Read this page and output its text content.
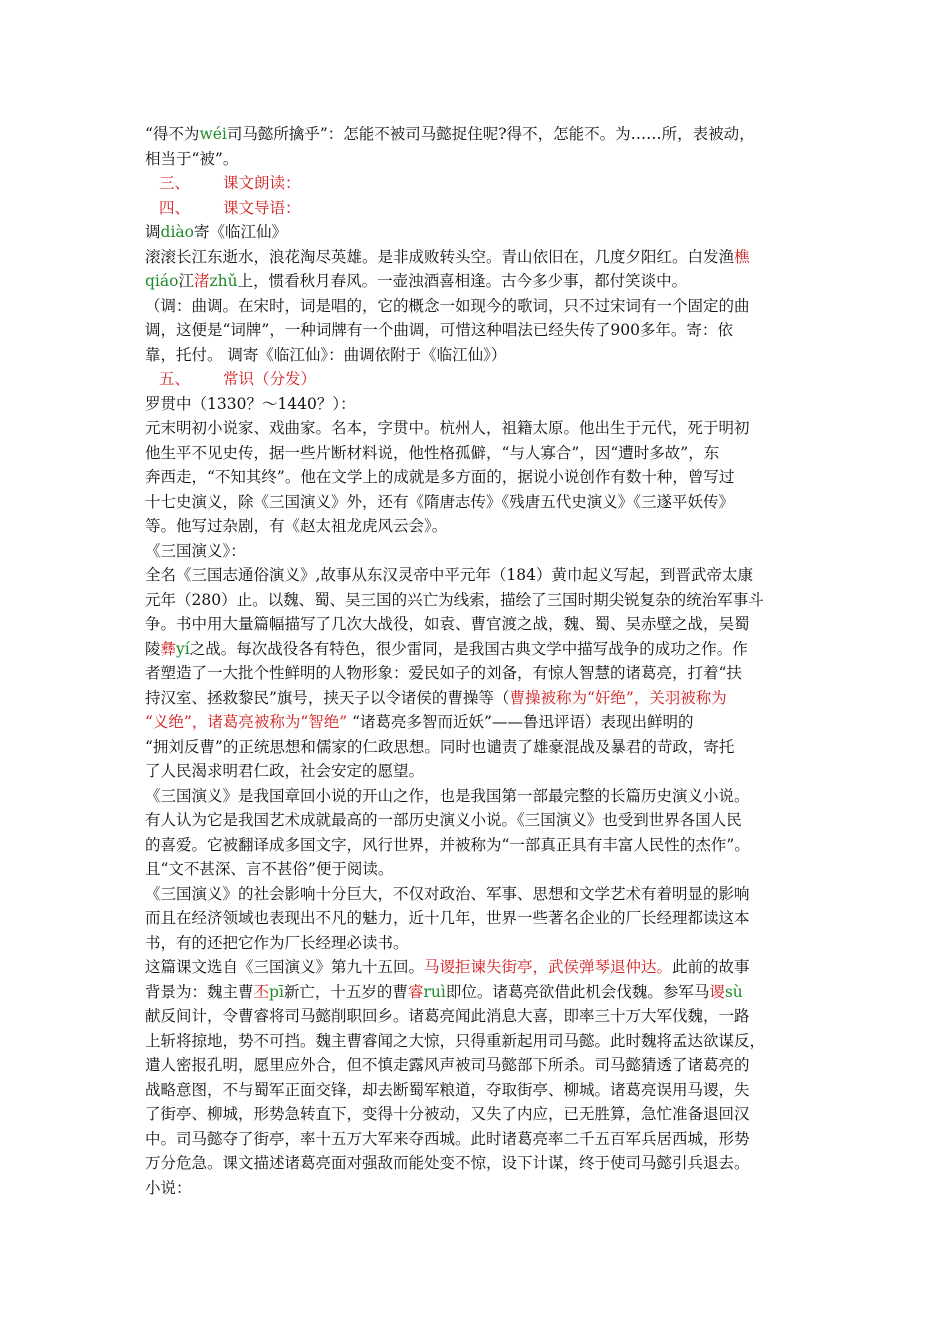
“得不为wéi司马懿所擒乎”：怎能不被司马懿捉住呢?得不，怎能不。为……所，表被动，
相当于“被”。
三、 课文朗读：
四、 课文导语：
调diào寄《临江仙》
滚滚长江东逝水，浪花淘尽英雄。是非成败转头空。青山依旧在，几度夕阳红。白发渔樵
qiáo江渚zhǔ上，惯看秋月春风。一壶浊酒喜相逢。古今多少事，都付笑谈中。
（调：曲调。在宋时，词是唱的，它的概念一如现今的歌词，只不过宋词有一个固定的曲
调，这便是“词牌”，一种词牌有一个曲调，可惜这种唱法已经失传了900多年。寄：依
靠，托付。 调寄《临江仙》：曲调依附于《临江仙》）
五、 常识（分发）
罗贯中（1330？～1440？）：
元末明初小说家、戏曲家。名本，字贯中。杭州人，祖籍太原。他出生于元代，死于明初
他生平不见史传，据一些片断材料说，他性格孤僻，“与人寡合”，因“遭时多故”，东
奔西走，“不知其终”。他在文学上的成就是多方面的，据说小说创作有数十种，曾写过
十七史演义，除《三国演义》外，还有《隋唐志传》《残唐五代史演义》《三遂平妖传》
等。他写过杂剧，有《赵太祖龙虎风云会》。
《三国演义》：
全名《三国志通俗演义》,故事从东汉灵帝中平元年（184）黄巾起义写起，到晋武帝太康
元年（280）止。以魏、蜀、吴三国的兴亡为线索，描绘了三国时期尖锐复杂的统治军事斗
争。书中用大量篇幅描写了几次大战役，如袁、曹官渡之战，魏、蜀、吴赤壁之战，吴蜀
陵彝yí之战。每次战役各有特色，很少雷同，是我国古典文学中描写战争的成功之作。作
者塑造了一大批个性鲜明的人物形象：爱民如子的刘备，有惊人智慧的诸葛亮，打着“扶
持汉室、拯救黎民”旗号，挟天子以令诸侯的曹操等（曹操被称为“奸绝”，关羽被称为
“义绝”，诸葛亮被称为“智绝” “诸葛亮多智而近妖”——鲁迅评语）表现出鲜明的
“拥刘反曹”的正统思想和儒家的仁政思想。同时也谴责了雄豪混战及暴君的苛政，寄托
了人民渴求明君仁政，社会安定的愿望。
《三国演义》是我国章回小说的开山之作，也是我国第一部最完整的长篇历史演义小说。
有人认为它是我国艺术成就最高的一部历史演义小说。《三国演义》也受到世界各国人民
的喜爱。它被翻译成多国文字，风行世界，并被称为“一部真正具有丰富人民性的杰作”。
且“文不甚深、言不甚俗”便于阅读。
《三国演义》的社会影响十分巨大，不仅对政治、军事、思想和文学艺术有着明显的影响
而且在经济领域也表现出不凡的魅力，近十几年，世界一些著名企业的厂长经理都读这本
书，有的还把它作为厂长经理必读书。
这篇课文选自《三国演义》第九十五回。马谡拒谏失街亭，武侯弹琴退仲达。此前的故事
背景为：魏主曹丕pī新亡，十五岁的曹睿ruì即位。诸葛亮欲借此机会伐魏。参军马谡sù
献反间计，令曹睿将司马懿削职回乡。诸葛亮闻此消息大喜，即率三十万大军伐魏，一路
上斩将掠地，势不可挡。魏主曹睿闻之大惊，只得重新起用司马懿。此时魏将孟达欲谋反，
遣人密报孔明，愿里应外合，但不慎走露风声被司马懿部下所杀。司马懿猜透了诸葛亮的
战略意图，不与蜀军正面交锋，却去断蜀军粮道，夺取街亭、柳城。诸葛亮误用马谡，失
了街亭、柳城，形势急转直下，变得十分被动，又失了内应，已无胜算，急忙准备退回汉
中。司马懿夺了街亭，率十五万大军来夺西城。此时诸葛亮率二千五百军兵居西城，形势
万分危急。课文描述诸葛亮面对强敌而能处变不惊，设下计谋，终于使司马懿引兵退去。
小说：
